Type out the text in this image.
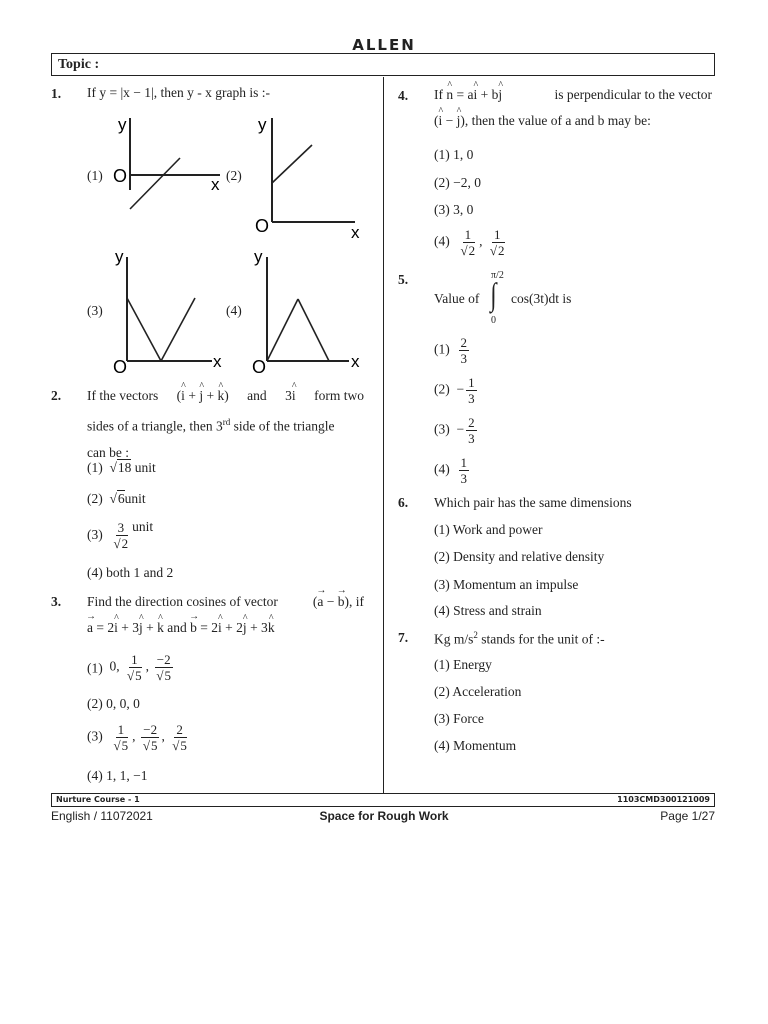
ALLEN
Topic :
1. If y = |x − 1|, then y - x graph is :-
(1)	(2)
(3)	(4)
y
O	x
y
O	x
y
O	x
y
O	x
2. If the vectors (i ^ + j ^ + k ^) and 3i ^ form two
sides of a triangle, then 3rd side of the triangle
can be :
(1)  √18 unit
(2)  √6unit
$(3) \frac{3}{√2}$ unit
(4) both 1 and 2
3. Find the direction cosines of vector	(a → − b →), if
a → = 2i ^ + 3j ^ + k ^ and b → = 2i ^ + 2j ^ + 3k ^
(1)  0, $\frac{1}{√5}$ , $\frac{-2}{√5}$
(2) 0, 0, 0
$(3) \frac{1}{√5}$ , $\frac{-2}{√5}$ , $\frac{2}{√5}$
(4) 1, 1, −1
4. If n ^ = ai ^ + bj ^	is perpendicular to the vector
(i ^ − j ^), then the value of a and b may be:
(1) 1, 0
(2) −2, 0
(3) 3, 0
$(4) \frac{1}{√2}$ , $\frac{1}{√2}$
5.
Value of
π/2
∫
0
cos(3t)dt is
$(1) \frac{2}{3}$
$(2) - \frac{1}{3}$
$(3) - \frac{2}{3}$
$(4) \frac{1}{3}$
6. Which pair has the same dimensions
(1) Work and power
(2) Density and relative density
(3) Momentum an impulse
(4) Stress and strain
7. Kg $m/s^2$ stands for the unit of :-
(1) Energy
(2) Acceleration
(3) Force
(4) Momentum
Nurture Course - 1	1103CMD300121009
English / 11072021	Space for Rough Work	Page 1/27
